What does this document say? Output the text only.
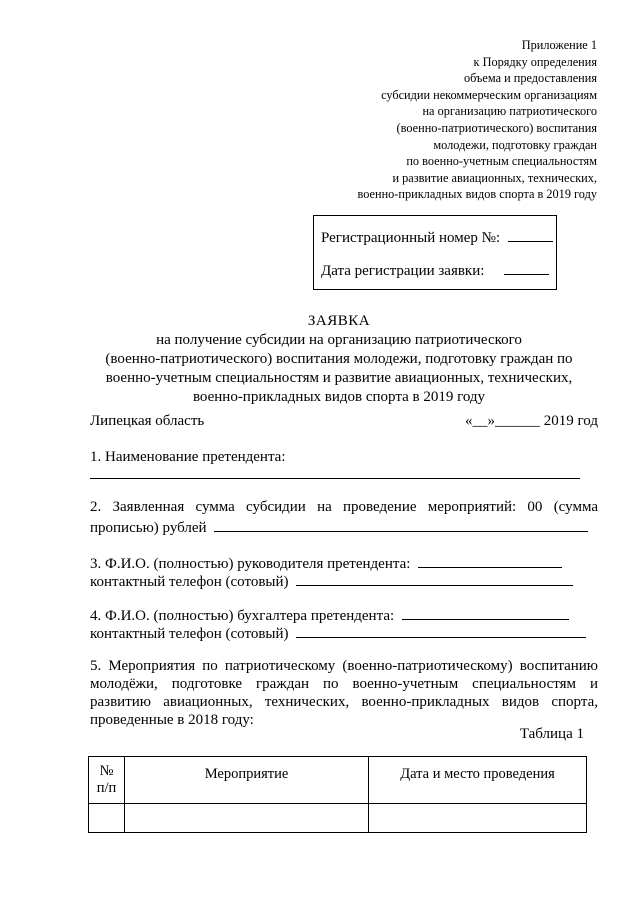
Приложение 1
к Порядку определения
объема и предоставления
субсидии некоммерческим организациям
на организацию патриотического
(военно-патриотического) воспитания
молодежи, подготовку граждан
по военно-учетным специальностям
и развитие авиационных, технических,
военно-прикладных видов спорта в 2019 году
Регистрационный номер №:
Дата регистрации заявки:
ЗАЯВКА
на получение субсидии на организацию патриотического
(военно-патриотического) воспитания молодежи, подготовку граждан по
военно-учетным специальностям и развитие авиационных, технических,
военно-прикладных видов спорта в 2019 году
Липецкая область	«__»______ 2019 год
1. Наименование претендента:
2. Заявленная сумма субсидии на проведение мероприятий: 00 (сумма
прописью) рублей
3. Ф.И.О. (полностью) руководителя претендента:
контактный телефон (сотовый)
4. Ф.И.О. (полностью) бухгалтера претендента:
контактный телефон (сотовый)
5. Мероприятия по патриотическому (военно-патриотическому) воспитанию
молодёжи, подготовке граждан по военно-учетным специальностям и
развитию авиационных, технических, военно-прикладных видов спорта,
проведенные в 2018 году:
Таблица 1
№
п/п	Мероприятие	Дата и место проведения
